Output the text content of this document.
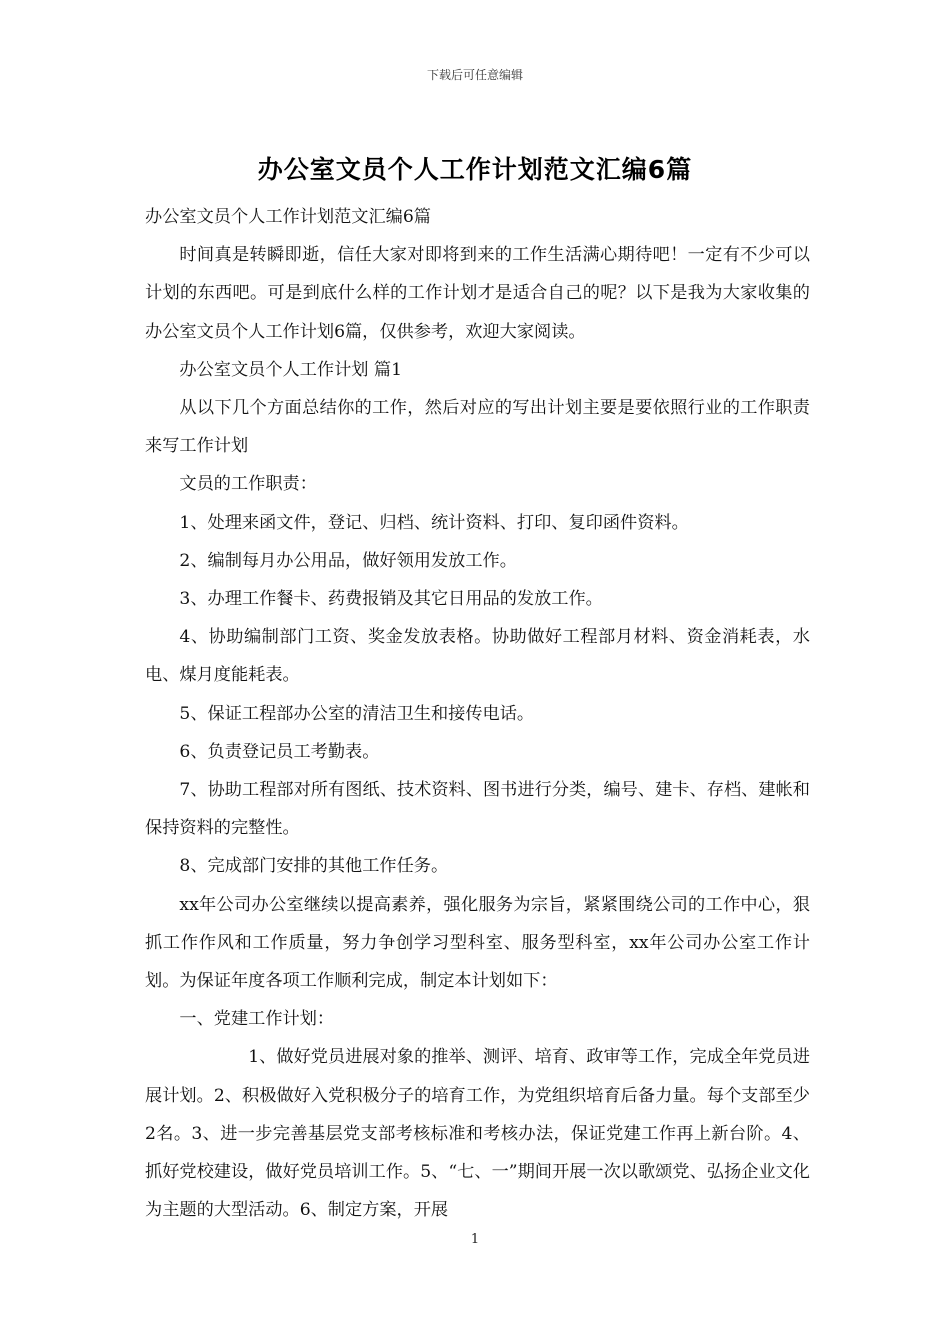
下载后可任意编辑
办公室文员个人工作计划范文汇编6篇

办公室文员个人工作计划范文汇编6篇

时间真是转瞬即逝，信任大家对即将到来的工作生活满心期待吧！一定有不少可以计划的东西吧。可是到底什么样的工作计划才是适合自己的呢？以下是我为大家收集的办公室文员个人工作计划6篇，仅供参考，欢迎大家阅读。

办公室文员个人工作计划 篇1

从以下几个方面总结你的工作，然后对应的写出计划主要是要依照行业的工作职责来写工作计划

文员的工作职责：

1、处理来函文件，登记、归档、统计资料、打印、复印函件资料。

2、编制每月办公用品，做好领用发放工作。

3、办理工作餐卡、药费报销及其它日用品的发放工作。

4、协助编制部门工资、奖金发放表格。协助做好工程部月材料、资金消耗表，水电、煤月度能耗表。

5、保证工程部办公室的清洁卫生和接传电话。

6、负责登记员工考勤表。

7、协助工程部对所有图纸、技术资料、图书进行分类，编号、建卡、存档、建帐和保持资料的完整性。

8、完成部门安排的其他工作任务。

xx年公司办公室继续以提高素养，强化服务为宗旨，紧紧围绕公司的工作中心，狠抓工作作风和工作质量，努力争创学习型科室、服务型科室，xx年公司办公室工作计划。为保证年度各项工作顺利完成，制定本计划如下：

一、党建工作计划：

1、做好党员进展对象的推举、测评、培育、政审等工作，完成全年党员进展计划。2、积极做好入党积极分子的培育工作，为党组织培育后备力量。每个支部至少2名。3、进一步完善基层党支部考核标准和考核办法，保证党建工作再上新台阶。4、抓好党校建设，做好党员培训工作。5、“七、一”期间开展一次以歌颂党、弘扬企业文化为主题的大型活动。6、制定方案，开展

1
